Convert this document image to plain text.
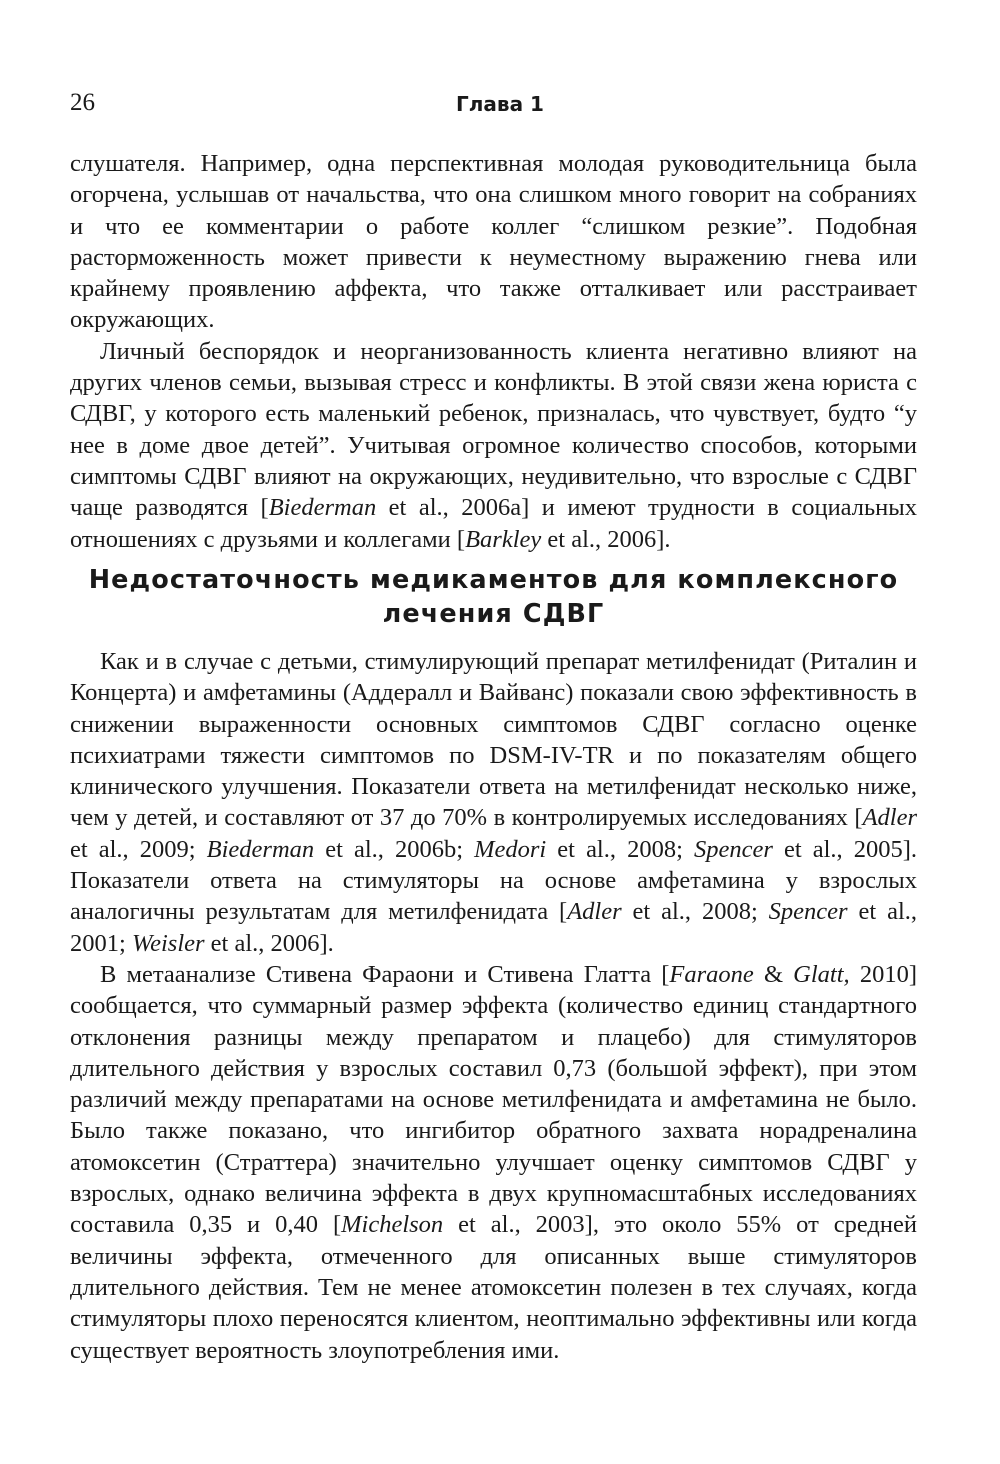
26	Глава 1

слушателя. Например, одна перспективная молодая руководительница была огорчена, услышав от начальства, что она слишком много говорит на собраниях и что ее комментарии о работе коллег “слишком резкие”. Подобная расторможенность может привести к неуместному выражению гнева или крайнему проявлению аффекта, что также отталкивает или расстраивает окружающих.

Личный беспорядок и неорганизованность клиента негативно влияют на других членов семьи, вызывая стресс и конфликты. В этой связи жена юриста с СДВГ, у которого есть маленький ребенок, призналась, что чувствует, будто “у нее в доме двое детей”. Учитывая огромное количество способов, которыми симптомы СДВГ влияют на окружающих, неудивительно, что взрослые с СДВГ чаще разводятся [Biederman et al., 2006a] и имеют трудности в социальных отношениях с друзьями и коллегами [Barkley et al., 2006].

Недостаточность медикаментов для комплексного
лечения СДВГ

Как и в случае с детьми, стимулирующий препарат метилфенидат (Риталин и Концерта) и амфетамины (Аддералл и Вайванс) показали свою эффективность в снижении выраженности основных симптомов СДВГ согласно оценке психиатрами тяжести симптомов по DSM-IV-TR и по показателям общего клинического улучшения. Показатели ответа на метилфенидат несколько ниже, чем у детей, и составляют от 37 до 70% в контролируемых исследованиях [Adler et al., 2009; Biederman et al., 2006b; Medori et al., 2008; Spencer et al., 2005]. Показатели ответа на стимуляторы на основе амфетамина у взрослых аналогичны результатам для метилфенидата [Adler et al., 2008; Spencer et al., 2001; Weisler et al., 2006].

В метаанализе Стивена Фараони и Стивена Глатта [Faraone & Glatt, 2010] сообщается, что суммарный размер эффекта (количество единиц стандартного отклонения разницы между препаратом и плацебо) для стимуляторов длительного действия у взрослых составил 0,73 (большой эффект), при этом различий между препаратами на основе метилфенидата и амфетамина не было. Было также показано, что ингибитор обратного захвата норадреналина атомоксетин (Страттера) значительно улучшает оценку симптомов СДВГ у взрослых, однако величина эффекта в двух крупномасштабных исследованиях составила 0,35 и 0,40 [Michelson et al., 2003], это около 55% от средней величины эффекта, отмеченного для описанных выше стимуляторов длительного действия. Тем не менее атомоксетин полезен в тех случаях, когда стимуляторы плохо переносятся клиентом, неоптимально эффективны или когда существует вероятность злоупотребления ими.
